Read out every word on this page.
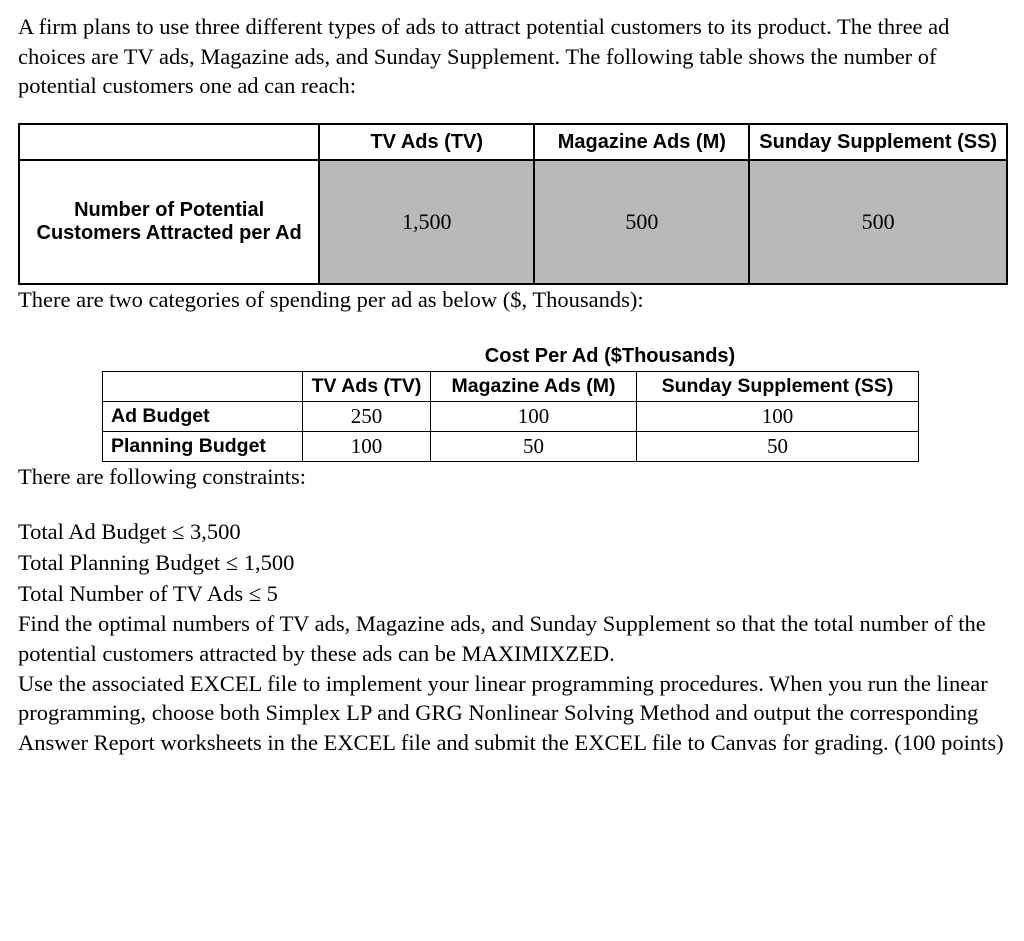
A firm plans to use three different types of ads to attract potential customers to its product. The three ad choices are TV ads, Magazine ads, and Sunday Supplement. The following table shows the number of potential customers one ad can reach:

	TV Ads (TV)	Magazine Ads (M)	Sunday Supplement (SS)
Number of Potential Customers Attracted per Ad	1,500	500	500

There are two categories of spending per ad as below ($, Thousands):

Cost Per Ad ($Thousands)
	TV Ads (TV)	Magazine Ads (M)	Sunday Supplement (SS)
Ad Budget	250	100	100
Planning Budget	100	50	50

There are following constraints:

Total Ad Budget ≤ 3,500
Total Planning Budget ≤ 1,500
Total Number of TV Ads ≤ 5

Find the optimal numbers of TV ads, Magazine ads, and Sunday Supplement so that the total number of the potential customers attracted by these ads can be MAXIMIXZED.

Use the associated EXCEL file to implement your linear programming procedures. When you run the linear programming, choose both Simplex LP and GRG Nonlinear Solving Method and output the corresponding Answer Report worksheets in the EXCEL file and submit the EXCEL file to Canvas for grading. (100 points)
